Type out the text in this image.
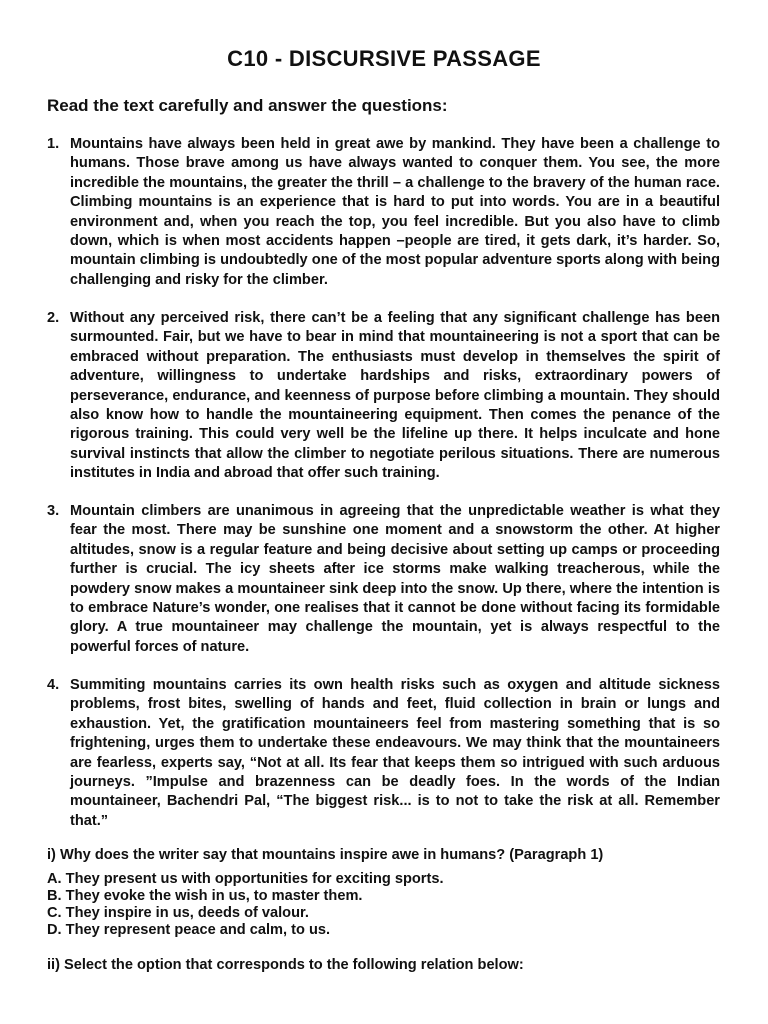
C10 - DISCURSIVE PASSAGE
Read the text carefully and answer the questions:
1. Mountains have always been held in great awe by mankind. They have been a challenge to humans. Those brave among us have always wanted to conquer them. You see, the more incredible the mountains, the greater the thrill – a challenge to the bravery of the human race. Climbing mountains is an experience that is hard to put into words. You are in a beautiful environment and, when you reach the top, you feel incredible. But you also have to climb down, which is when most accidents happen –people are tired, it gets dark, it’s harder. So, mountain climbing is undoubtedly one of the most popular adventure sports along with being challenging and risky for the climber.
2. Without any perceived risk, there can’t be a feeling that any significant challenge has been surmounted. Fair, but we have to bear in mind that mountaineering is not a sport that can be embraced without preparation. The enthusiasts must develop in themselves the spirit of adventure, willingness to undertake hardships and risks, extraordinary powers of perseverance, endurance, and keenness of purpose before climbing a mountain. They should also know how to handle the mountaineering equipment. Then comes the penance of the rigorous training. This could very well be the lifeline up there. It helps inculcate and hone survival instincts that allow the climber to negotiate perilous situations. There are numerous institutes in India and abroad that offer such training.
3. Mountain climbers are unanimous in agreeing that the unpredictable weather is what they fear the most. There may be sunshine one moment and a snowstorm the other. At higher altitudes, snow is a regular feature and being decisive about setting up camps or proceeding further is crucial. The icy sheets after ice storms make walking treacherous, while the powdery snow makes a mountaineer sink deep into the snow. Up there, where the intention is to embrace Nature’s wonder, one realises that it cannot be done without facing its formidable glory. A true mountaineer may challenge the mountain, yet is always respectful to the powerful forces of nature.
4. Summiting mountains carries its own health risks such as oxygen and altitude sickness problems, frost bites, swelling of hands and feet, fluid collection in brain or lungs and exhaustion. Yet, the gratification mountaineers feel from mastering something that is so frightening, urges them to undertake these endeavours. We may think that the mountaineers are fearless, experts say, “Not at all. Its fear that keeps them so intrigued with such arduous journeys. ”Impulse and brazenness can be deadly foes. In the words of the Indian mountaineer, Bachendri Pal, “The biggest risk... is to not to take the risk at all. Remember that.”
i) Why does the writer say that mountains inspire awe in humans? (Paragraph 1)
A. They present us with opportunities for exciting sports.
B. They evoke the wish in us, to master them.
C. They inspire in us, deeds of valour.
D. They represent peace and calm, to us.
ii) Select the option that corresponds to the following relation below:
